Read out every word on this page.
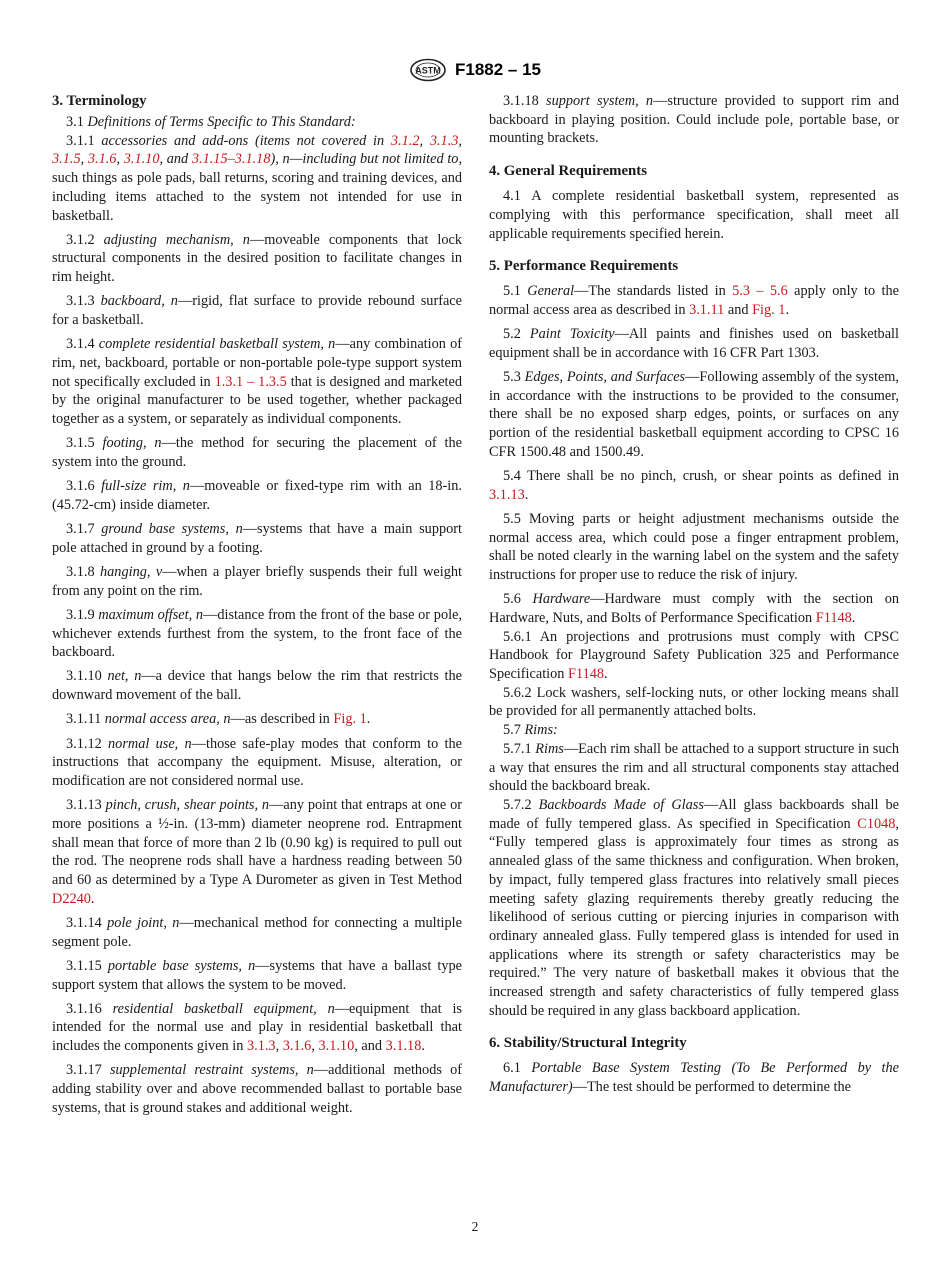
ASTM F1882 – 15
3. Terminology

3.1 Definitions of Terms Specific to This Standard:

3.1.1 accessories and add-ons (items not covered in 3.1.2, 3.1.3, 3.1.5, 3.1.6, 3.1.10, and 3.1.15–3.1.18), n—including but not limited to, such things as pole pads, ball returns, scoring and training devices, and including items attached to the system not intended for use in basketball.

3.1.2 adjusting mechanism, n—moveable components that lock structural components in the desired position to facilitate changes in rim height.

3.1.3 backboard, n—rigid, flat surface to provide rebound surface for a basketball.

3.1.4 complete residential basketball system, n—any combination of rim, net, backboard, portable or non-portable pole-type support system not specifically excluded in 1.3.1 – 1.3.5 that is designed and marketed by the original manufacturer to be used together, whether packaged together as a system, or separately as individual components.

3.1.5 footing, n—the method for securing the placement of the system into the ground.

3.1.6 full-size rim, n—moveable or fixed-type rim with an 18-in. (45.72-cm) inside diameter.

3.1.7 ground base systems, n—systems that have a main support pole attached in ground by a footing.

3.1.8 hanging, v—when a player briefly suspends their full weight from any point on the rim.

3.1.9 maximum offset, n—distance from the front of the base or pole, whichever extends furthest from the system, to the front face of the backboard.

3.1.10 net, n—a device that hangs below the rim that restricts the downward movement of the ball.

3.1.11 normal access area, n—as described in Fig. 1.

3.1.12 normal use, n—those safe-play modes that conform to the instructions that accompany the equipment. Misuse, alteration, or modification are not considered normal use.

3.1.13 pinch, crush, shear points, n—any point that entraps at one or more positions a ½-in. (13-mm) diameter neoprene rod. Entrapment shall mean that force of more than 2 lb (0.90 kg) is required to pull out the rod. The neoprene rods shall have a hardness reading between 50 and 60 as determined by a Type A Durometer as given in Test Method D2240.

3.1.14 pole joint, n—mechanical method for connecting a multiple segment pole.

3.1.15 portable base systems, n—systems that have a ballast type support system that allows the system to be moved.

3.1.16 residential basketball equipment, n—equipment that is intended for the normal use and play in residential basketball that includes the components given in 3.1.3, 3.1.6, 3.1.10, and 3.1.18.

3.1.17 supplemental restraint systems, n—additional methods of adding stability over and above recommended ballast to portable base systems, that is ground stakes and additional weight.

3.1.18 support system, n—structure provided to support rim and backboard in playing position. Could include pole, portable base, or mounting brackets.

4. General Requirements

4.1 A complete residential basketball system, represented as complying with this performance specification, shall meet all applicable requirements specified herein.

5. Performance Requirements

5.1 General—The standards listed in 5.3 – 5.6 apply only to the normal access area as described in 3.1.11 and Fig. 1.

5.2 Paint Toxicity—All paints and finishes used on basketball equipment shall be in accordance with 16 CFR Part 1303.

5.3 Edges, Points, and Surfaces—Following assembly of the system, in accordance with the instructions to be provided to the consumer, there shall be no exposed sharp edges, points, or surfaces on any portion of the residential basketball equipment according to CPSC 16 CFR 1500.48 and 1500.49.

5.4 There shall be no pinch, crush, or shear points as defined in 3.1.13.

5.5 Moving parts or height adjustment mechanisms outside the normal access area, which could pose a finger entrapment problem, shall be noted clearly in the warning label on the system and the safety instructions for proper use to reduce the risk of injury.

5.6 Hardware—Hardware must comply with the section on Hardware, Nuts, and Bolts of Performance Specification F1148.

5.6.1 An projections and protrusions must comply with CPSC Handbook for Playground Safety Publication 325 and Performance Specification F1148.

5.6.2 Lock washers, self-locking nuts, or other locking means shall be provided for all permanently attached bolts.

5.7 Rims:

5.7.1 Rims—Each rim shall be attached to a support structure in such a way that ensures the rim and all structural components stay attached should the backboard break.

5.7.2 Backboards Made of Glass—All glass backboards shall be made of fully tempered glass. As specified in Specification C1048, “Fully tempered glass is approximately four times as strong as annealed glass of the same thickness and configuration. When broken, by impact, fully tempered glass fractures into relatively small pieces meeting safety glazing requirements thereby greatly reducing the likelihood of serious cutting or piercing injuries in comparison with ordinary annealed glass. Fully tempered glass is intended for used in applications where its strength or safety characteristics may be required.” The very nature of basketball makes it obvious that the increased strength and safety characteristics of fully tempered glass should be required in any glass backboard application.

6. Stability/Structural Integrity

6.1 Portable Base System Testing (To Be Performed by the Manufacturer)—The test should be performed to determine the

2
